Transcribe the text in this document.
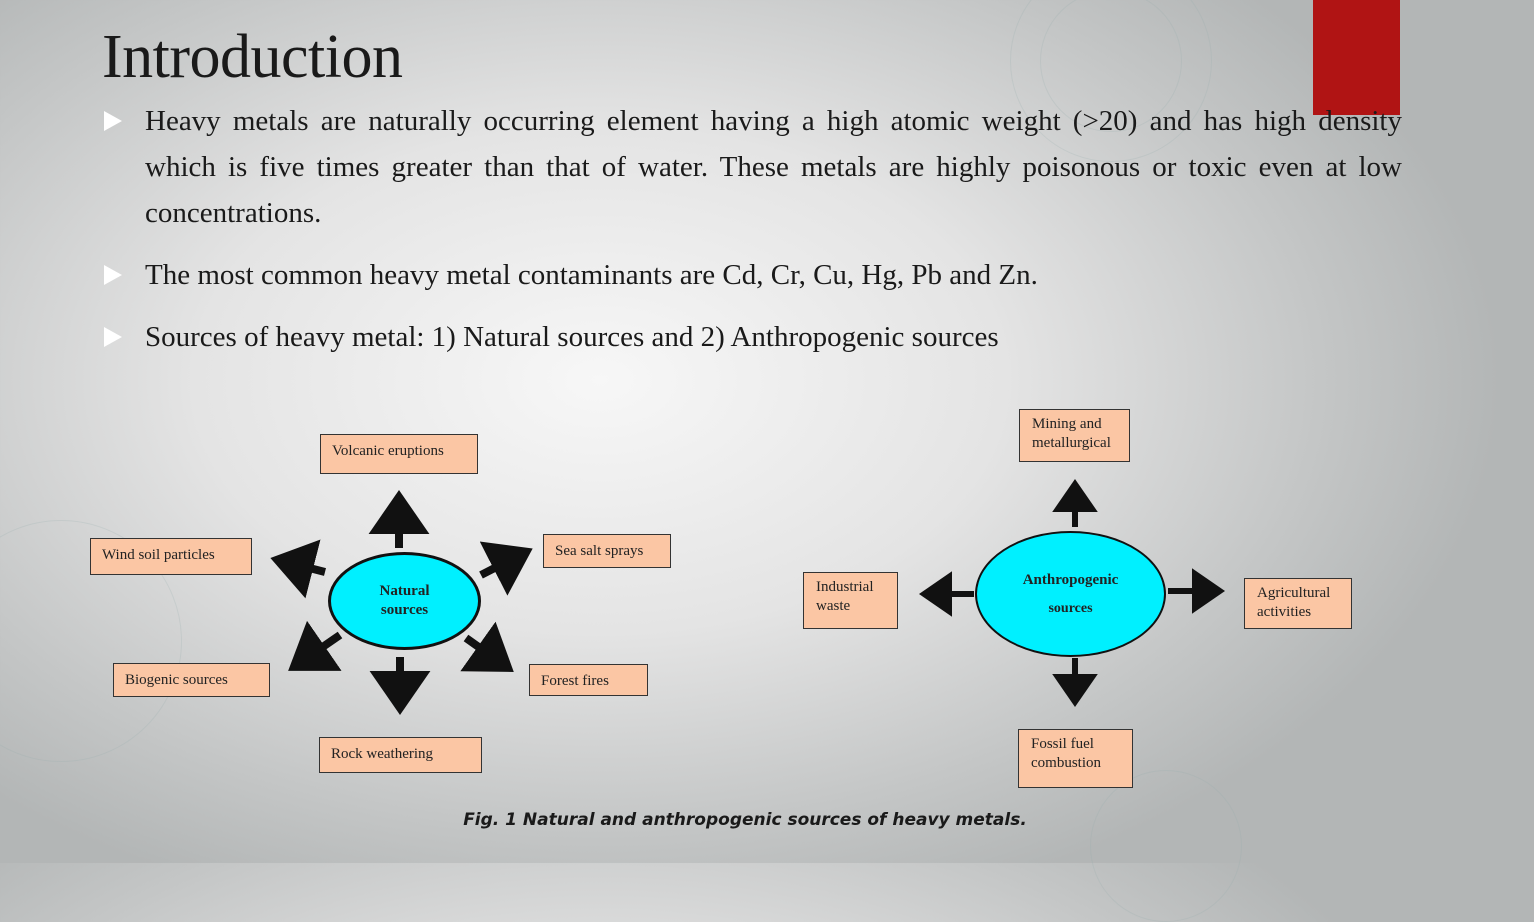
Introduction
Heavy metals are naturally occurring element having a high atomic weight (>20) and has high density which is five times greater than that of water. These metals are highly poisonous or toxic even at low concentrations.
The most common heavy metal contaminants are Cd, Cr, Cu, Hg, Pb and Zn.
Sources of heavy metal: 1) Natural sources and 2) Anthropogenic sources
Natural
sources
Volcanic eruptions
Sea salt sprays
Wind soil particles
Biogenic sources	Forest fires
Rock weathering
Anthropogenic
sources
Mining and
metallurgical
Industrial
waste
Agricultural
activities
Fossil fuel
combustion
Fig. 1 Natural and anthropogenic sources of heavy metals.
